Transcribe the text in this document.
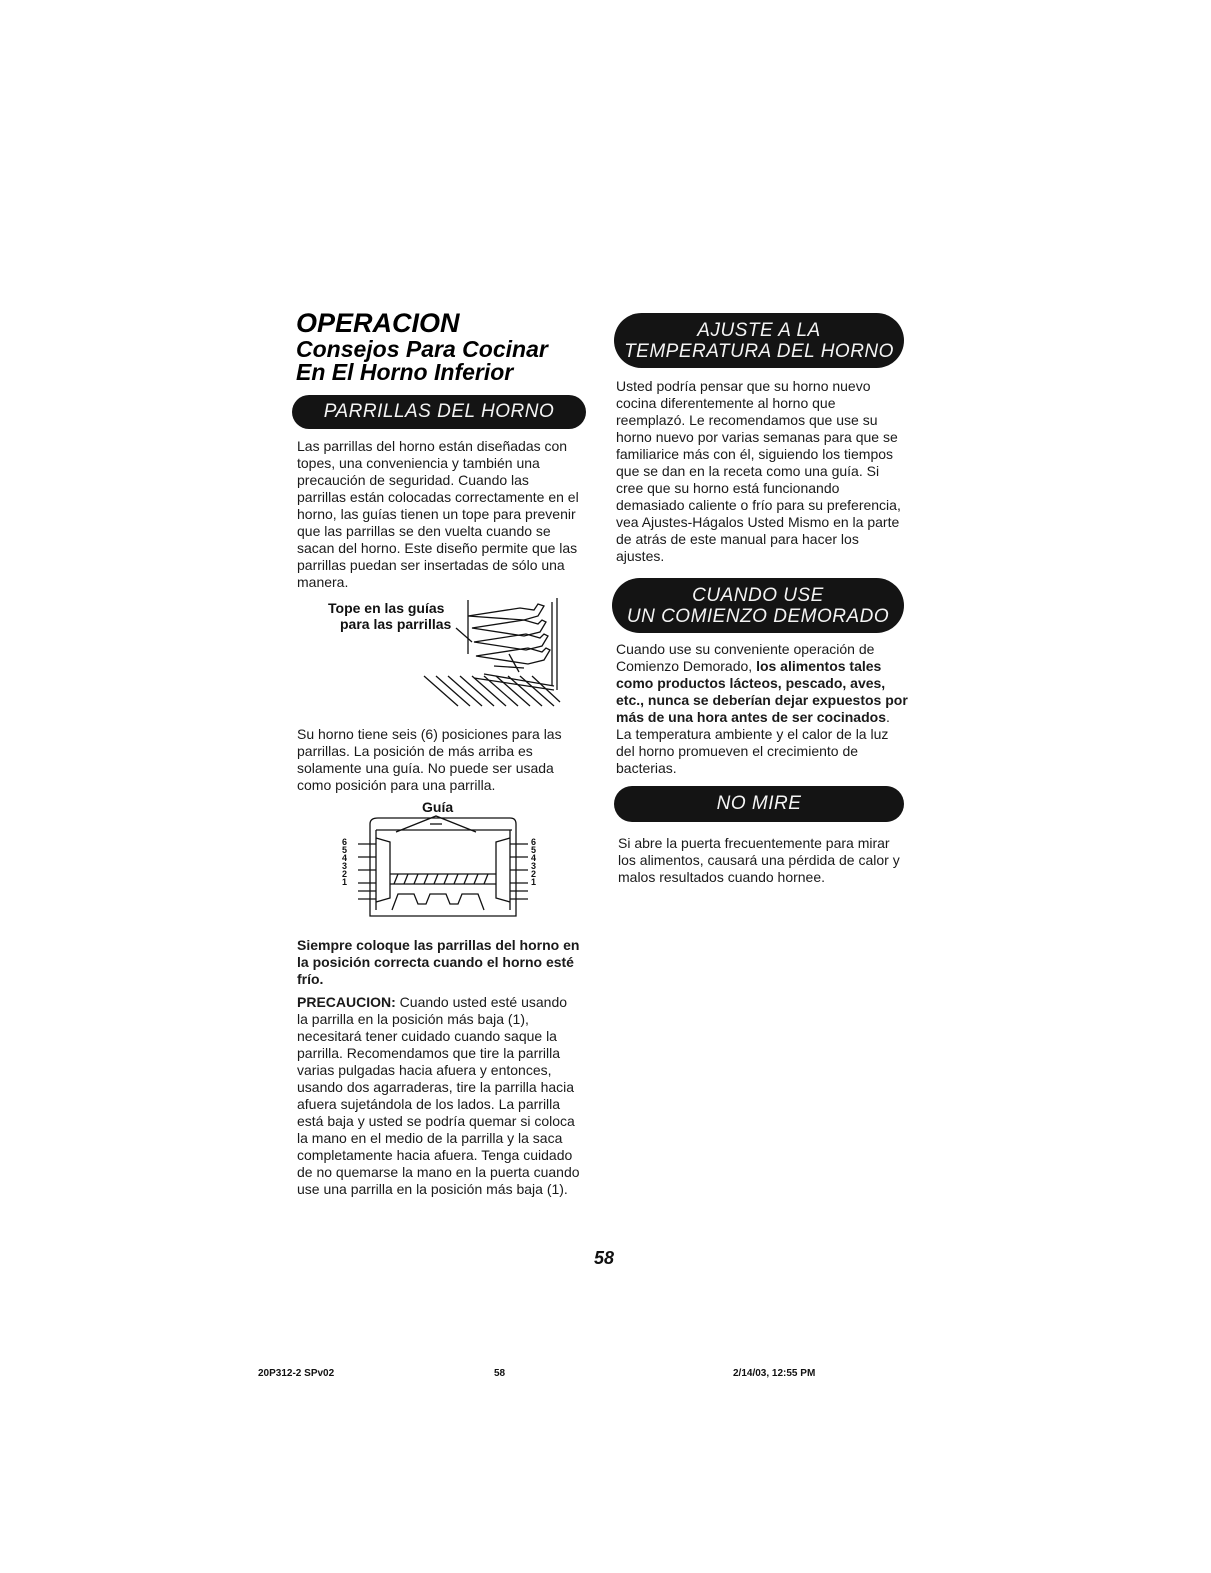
OPERACION
Consejos Para Cocinar
En El Horno Inferior
PARRILLAS DEL HORNO
Las parrillas del horno están diseñadas con topes, una conveniencia y también una precaución de seguridad. Cuando las parrillas están colocadas correctamente en el horno, las guías tienen un tope para prevenir que las parrillas se den vuelta cuando se sacan del horno. Este diseño permite que las parrillas puedan ser insertadas de sólo una manera.
Tope en las guías
para las parrillas
Su horno tiene seis (6) posiciones para las parrillas. La posición de más arriba es solamente una guía. No puede ser usada como posición para una parrilla.
Guía
6
5
4
3
2
1
6
5
4
3
2
1
Siempre coloque las parrillas del horno en la posición correcta cuando el horno esté frío.
PRECAUCION: Cuando usted esté usando la parrilla en la posición más baja (1), necesitará tener cuidado cuando saque la parrilla. Recomendamos que tire la parrilla varias pulgadas hacia afuera y entonces, usando dos agarraderas, tire la parrilla hacia afuera sujetándola de los lados. La parrilla está baja y usted se podría quemar si coloca la mano en el medio de la parrilla y la saca completamente hacia afuera. Tenga cuidado de no quemarse la mano en la puerta cuando use una parrilla en la posición más baja (1).
AJUSTE A LA
TEMPERATURA DEL HORNO
Usted podría pensar que su horno nuevo cocina diferentemente al horno que reemplazó. Le recomendamos que use su horno nuevo por varias semanas para que se familiarice más con él, siguiendo los tiempos que se dan en la receta como una guía. Si cree que su horno está funcionando demasiado caliente o frío para su preferencia, vea Ajustes-Hágalos Usted Mismo en la parte de atrás de este manual para hacer los ajustes.
CUANDO USE
UN COMIENZO DEMORADO
Cuando use su conveniente operación de Comienzo Demorado, los alimentos tales como productos lácteos, pescado, aves, etc., nunca se deberían dejar expuestos por más de una hora antes de ser cocinados. La temperatura ambiente y el calor de la luz del horno promueven el crecimiento de bacterias.
NO MIRE
Si abre la puerta frecuentemente para mirar los alimentos, causará una pérdida de calor y malos resultados cuando hornee.
58
20P312-2 SPv02	58	2/14/03, 12:55 PM
